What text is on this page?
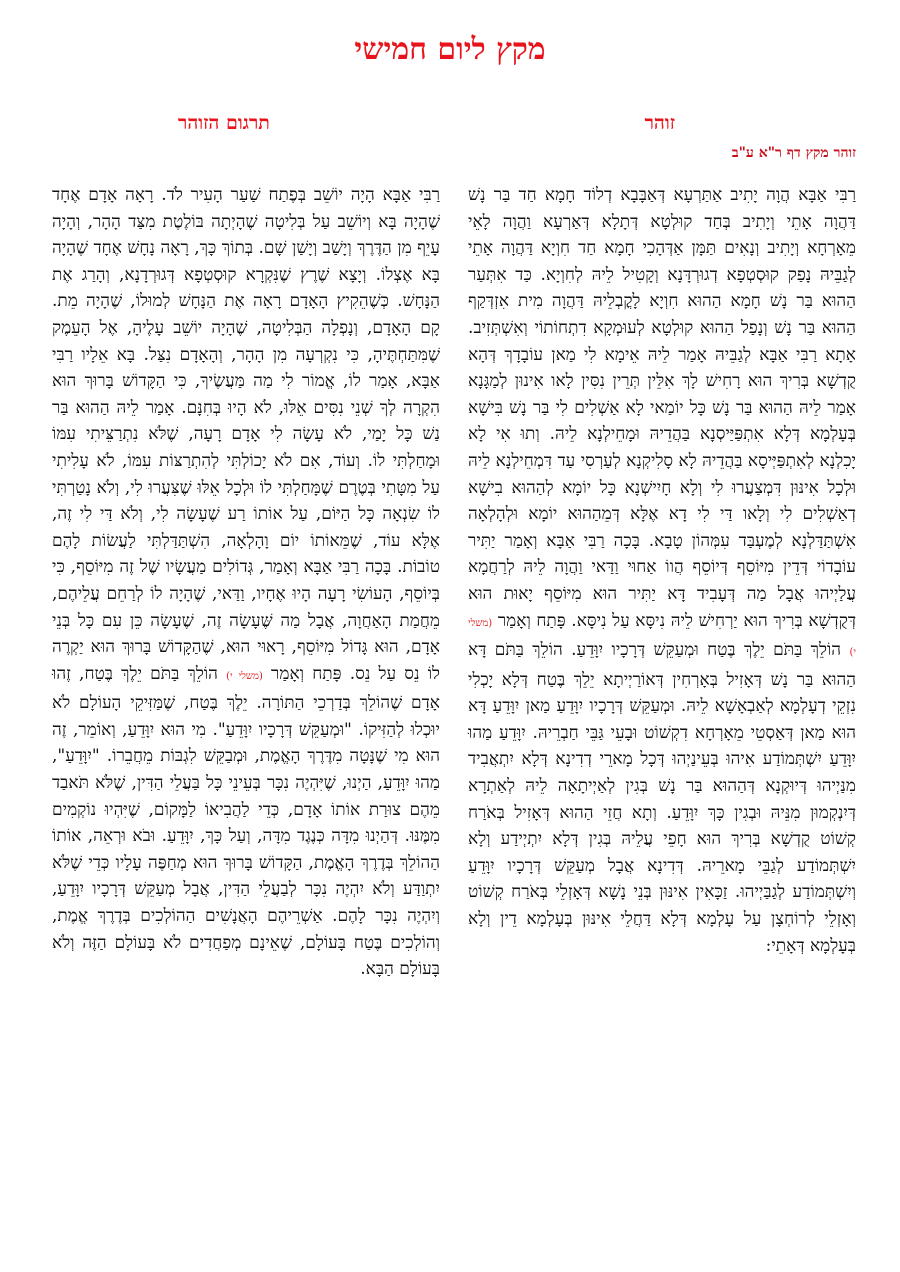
מקץ ליום חמישי
זוהר
תרגום הזוהר
זוהר מקץ דף ר"א ע"ב

רַבִּי אַבָּא הֲוָה יָתִיב אַתַּרְעָא דְּאַבָּבָא דְלוֹד חָמָא חַד בַּר נָשׁ דַּהֲוָה אָתֵי וְיָתִיב בְּחַד קוּלְטָא דְּתָלָא דְּאַרְעָא וַהֲוָה לָאֵי מֵאָרְחָא וְיָתִיב וְנָאִים תַּמָּן אַדְּהָכִי חָמָא חַד חִוְיָא דַּהֲוָה אָתֵי לְגַבֵּיהּ נָפַק קוּסְטְפָא דְגוּרְדָּנָא וְקָטִיל לֵיהּ לְחִוְיָא. כַּד אִתְּעַר הַהוּא בַּר נָשׁ חָמָא הַהוּא חִוְיָא לָקֳבְלֵיהּ דַּהֲוָה מִית אִזְדְּקַף הַהוּא בַּר נָשׁ וְנָפַל הַהוּא קוּלְטָא לְעוּמְקָא דִתְחוֹתוֹי וְאִשְׁתְּזִיב. אָתָא רַבִּי אַבָּא לְגַבֵּיהּ אָמַר לֵיהּ אֵימָא לִי מַאן עוֹבָדָךְ דְּהָא קֻדְשָׁא בְּרִיךְ הוּא רָחִישׁ לָךְ אִלֵּין תְּרֵין נִסִּין לָאו אִינוּן לְמַגָּנָא אָמַר לֵיהּ הַהוּא בַּר נָשׁ כָּל יוֹמַאי לָא אַשְׁלִים לִי בַּר נָשׁ בִּישָׁא בְּעָלְמָא דְּלָא אִתְפַּיַּיסְנָא בַּהֲדֵיהּ וּמָחֵילְנָא לֵיהּ. וְתוּ אִי לָא יָכִלְנָא לְאִתְפַּיְּיסָא בַּהֲדֵיהּ לָא סָלִיקְנָא לְעַרְסִי עַד דִּמְחֵילְנָא לֵיהּ וּלְכָל אִינּוּן דִּמְצַעֲרוּ לִי וְלָא חָיִישְׁנָא כָּל יוֹמָא לְהַהוּא בִישָׁא דְאַשְׁלִים לִי וְלָאו דַּי לִי דָא אֶלָּא דְּמֵהַהוּא יוֹמָא וּלְהָלְאָה אִשְׁתַּדַּלְנָא לְמֶעְבַּד עִמְּהוֹן טָבָא. בָּכָה רַבִּי אַבָּא וְאָמַר יַתִּיר עוֹבָדוֹי דְּדֵין מִיּוֹסֵף דְּיוֹסֵף הֲווֹ אַחוּי וַדַּאי וַהֲוָה לֵיהּ לְרַחֲמָא עֲלַיְיהוּ אֲבָל מַה דְּעָבִיד דָּא יַתִּיר הוּא מִיּוֹסֵף יָאוּת הוּא דְּקֻדְשָׁא בְּרִיךְ הוּא יַרְחִישׁ לֵיהּ נִיסָּא עַל נִיסָּא. פָּתַח וְאָמַר (משלי י) הוֹלֵךְ בַּתֹּם יֵלֶךְ בֶּטַח וּמְעַקֵּשׁ דְּרָכָיו יִוָּדֵעַ. הוֹלֵךְ בַּתֹּם דָּא הַהוּא בַּר נָשׁ דְּאָזִיל בְּאָרְחִין דְּאוֹרַיְיתָא יֵלֵךְ בֶּטַח דְּלָא יָכְלִי נִזְקֵי דְעָלְמָא לְאַבְאָשָׁא לֵיהּ. וּמְעַקֵּשׁ דְּרָכָיו יִוָּדֵעַ מַאן יִוָּדֵעַ דָּא הוּא מַאן דְּאַסְטֵי מֵאָרְחָא דִקְשׁוֹט וּבָעֵי גַּבֵּי חַבְרֵיהּ. יִוָּדֵעַ מַהוּ יִוָּדֵעַ יִשְׁתְּמוֹדַע אִיהוּ בְּעֵינַיְהוּ דְּכָל מָארֵי דְדִינָא דְּלָא יִתְאֲבִיד מִנַּיְיהוּ דְּיוּקְנָא דְּהַהוּא בַּר נָשׁ בְּגִין לְאַיְיתָאָה לֵיהּ לְאַתְרָא דְּיִנְקְמוּן מִנֵּיהּ וּבְגִין כָּךְ יִוָּדֵעַ. וְתָא חֲזֵי הַהוּא דְּאָזִיל בְּאֹרַח קְשׁוֹט קֻדְשָׁא בְּרִיךְ הוּא חָפֵי עֲלֵיהּ בְּגִין דְּלָא יִתְיְידַע וְלָא יִשְׁתְּמוֹדַע לְגַבֵּי מָארֵיהּ. דְּדִינָא אֲבָל מְעַקֵּשׁ דְּרָכָיו יִוָּדֵעַ וְיִשְׁתְּמוֹדַע לְגַבַּיְיהוּ. זַכָּאִין אִינּוּן בְּנֵי נָשָׁא דְּאָזְלֵי בְּאֹרַח קְשׁוֹט וְאָזְלֵי לְרוֹחְצָן עַל עָלְמָא דְּלָא דַּחֲלֵי אִינּוּן בְּעָלְמָא דֵין וְלָא בְּעָלְמָא דְּאָתֵי:

רַבִּי אַבָּא הָיָה יוֹשֵׁב בְּפֶתַח שַׁעַר הָעִיר לֹד. רָאָה אָדָם אֶחָד שֶׁהָיָה בָּא וְיוֹשֵׁב עַל בְּלִיטָה שֶׁהָיְתָה בּוֹלֶטֶת מִצַּד הָהָר, וְהָיָה עָיֵף מִן הַדֶּרֶךְ וְיָשַׁב וְיָשַׁן שָׁם. בְּתוֹךְ כָּךְ, רָאָה נָחָשׁ אֶחָד שֶׁהָיָה בָּא אֶצְלוֹ. וְיָצָא שֶׁרֶץ שֶׁנִּקְרָא קוּסְטְפָא דְּגוּרְדָנָא, וְהָרַג אֶת הַנָּחָשׁ. כְּשֶׁהֵקִיץ הָאָדָם רָאָה אֶת הַנָּחָשׁ לְמוּלוֹ, שֶׁהָיָה מֵת. קָם הָאָדָם, וְנָפְלָה הַבְּלִיטָה, שֶׁהָיָה יוֹשֵׁב עָלֶיהָ, אֶל הָעֵמֶק שֶׁמִּתַּחְתֶּיהָ, כִּי נִקְרְעָה מִן הָהָר, וְהָאָדָם נִצַּל. בָּא אֵלָיו רַבִּי אַבָּא, אָמַר לוֹ, אֱמוֹר לִי מַה מַּעֲשֶׂיךָ, כִּי הַקָּדוֹשׁ בָּרוּךְ הוּא הִקְרָה לְךָ שְׁנֵי נִסִּים אֵלּוּ, לֹא הָיוּ בְּחִנָּם. אָמַר לֵיהּ הַהוּא בַּר נַשׁ כָּל יָמַי, לֹא עָשָׂה לִי אָדָם רָעָה, שֶׁלֹּא נִתְרַצֵּיתִי עִמּוֹ וּמָחַלְתִּי לוֹ. וְעוֹד, אִם לֹא יָכוֹלְתִּי לְהִתְרַצּוֹת עִמּוֹ, לֹא עָלִיתִי עַל מִטָּתִי בְּטֶרֶם שֶׁמָּחַלְתִּי לוֹ וּלְכָל אֵלּוּ שֶׁצִּעֲרוּ לִי, וְלֹא נָטַרְתִּי לוֹ שִׂנְאָה כָּל הַיּוֹם, עַל אוֹתוֹ רַע שֶׁעָשָׂה לִי, וְלֹא דַּי לִי זֶה, אֶלָּא עוֹד, שֶׁמֵּאוֹתוֹ יוֹם וָהָלְאָה, הִשְׁתַּדַּלְתִּי לַעֲשׂוֹת לָהֶם טוֹבוֹת. בָּכָה רַבִּי אַבָּא וְאָמַר, גְּדוֹלִים מַעֲשָׂיו שֶׁל זֶה מִיּוֹסֵף, כִּי בְּיוֹסֵף, הָעוֹשִׂי רָעָה הָיוּ אֶחָיו, וַדַּאי, שֶׁהָיָה לוֹ לְרַחֵם עֲלֵיהֶם, מֵחֲמַת הָאַחֲוָה, אֲבָל מַה שֶּׁעָשָׂה זֶה, שֶׁעָשָׂה כֵּן עִם כָּל בְּנֵי אָדָם, הוּא גָּדוֹל מִיּוֹסֵף, רָאוּי הוּא, שֶׁהַקָּדוֹשׁ בָּרוּךְ הוּא יַקְרֶה לוֹ נֵס עַל נֵס. פָּתַח וְאָמַר (משלי י) הוֹלֵךְ בַּתֹּם יֵלֶךְ בֶּטַח, זֶהוּ אָדָם שֶׁהוֹלֵךְ בְּדַרְכֵי הַתּוֹרָה. יֵלֶךְ בֶּטַח, שֶׁמַּזִּיקֵי הָעוֹלָם לֹא יוּכְלוּ לְהַזִּיקוֹ. "וּמְעַקֵּשׁ דְּרָכָיו יִוָּדֵעַ". מִי הוּא יִוָּדֵעַ, וְאוֹמֵר, זֶה הוּא מִי שֶׁנָּטָה מִדֶּרֶךְ הָאֱמֶת, וּמְבַקֵּשׁ לִגְבּוֹת מֵחֲבֵרוֹ. "יִוָּדֵעַ", מַהוּ יִוָּדֵעַ, הַיְנוּ, שֶׁיִּהְיֶה נִכָּר בְּעֵינֵי כָּל בַּעֲלֵי הַדִּין, שֶׁלֹּא תֹּאבַד מֵהֶם צוּרַת אוֹתוֹ אָדָם, כְּדֵי לַהֲבִיאוֹ לַמָּקוֹם, שֶׁיִּהְיוּ נוֹקְמִים מִמֶּנּוּ. דְּהַיְנוּ מִדָּה כְּנֶגֶד מִדָּה, וְעַל כָּךְ, יִוָּדֵעַ. וּבֹא וּרְאֵה, אוֹתוֹ הַהוֹלֵךְ בְּדֶרֶךְ הָאֱמֶת, הַקָּדוֹשׁ בָּרוּךְ הוּא מְחַפֶּה עָלָיו כְּדֵי שֶׁלֹּא יִתְוַדַּע וְלֹא יִהְיֶה נִכָּר לְבַעֲלֵי הַדִּין, אֲבָל מְעַקֵּשׁ דְּרָכָיו יִוָּדֵעַ, וְיִהְיֶה נִכָּר לָהֶם. אַשְׁרֵיהֶם הָאֲנָשִׁים הַהוֹלְכִים בְּדֶרֶךְ אֱמֶת, וְהוֹלְכִים בֶּטַח בָּעוֹלָם, שֶׁאֵינָם מְפַחֲדִים לֹא בָּעוֹלָם הַזֶּה וְלֹא בָּעוֹלָם הַבָּא.
